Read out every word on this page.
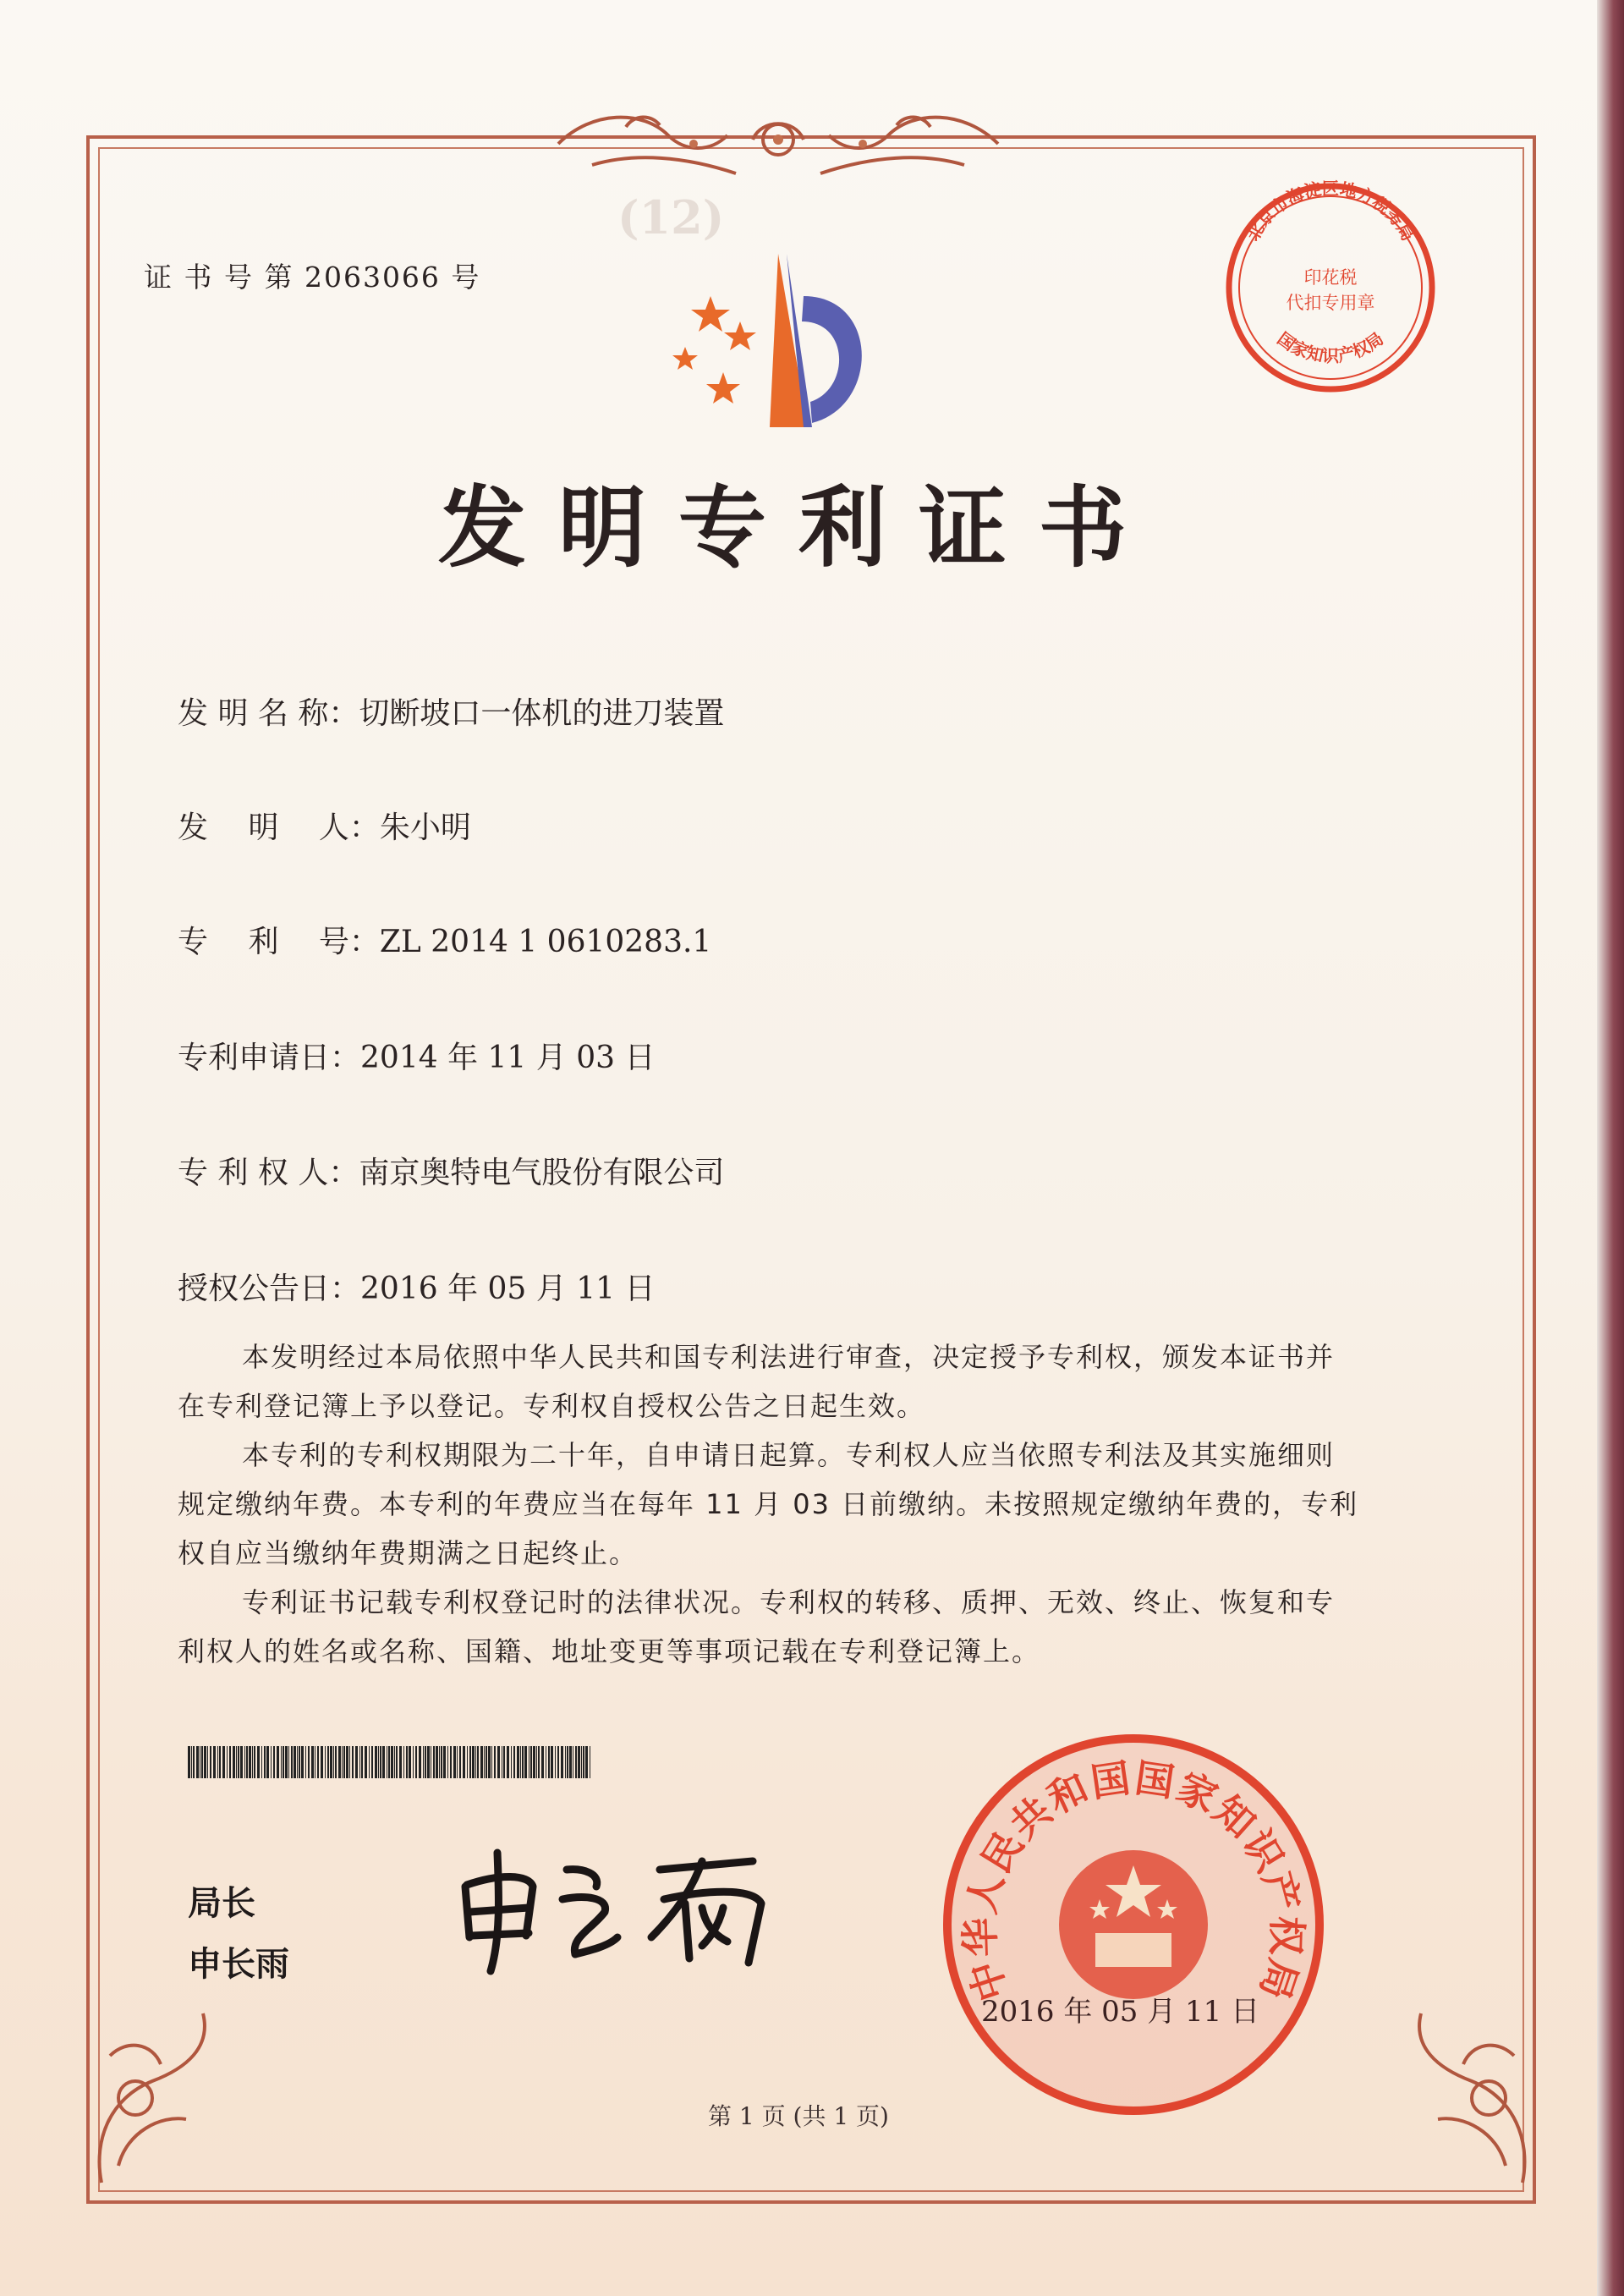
(12)
证 书 号 第 2063066 号
发明专利证书
发 明 名 称：切断坡口一体机的进刀装置
发　 明　 人：朱小明
专　 利　 号：ZL 2014 1 0610283.1
专利申请日：2014 年 11 月 03 日
专 利 权 人：南京奥特电气股份有限公司
授权公告日：2016 年 05 月 11 日

本发明经过本局依照中华人民共和国专利法进行审查，决定授予专利权，颁发本证书并在专利登记簿上予以登记。专利权自授权公告之日起生效。

本专利的专利权期限为二十年，自申请日起算。专利权人应当依照专利法及其实施细则规定缴纳年费。本专利的年费应当在每年 11 月 03 日前缴纳。未按照规定缴纳年费的，专利权自应当缴纳年费期满之日起终止。

专利证书记载专利权登记时的法律状况。专利权的转移、质押、无效、终止、恢复和专利权人的姓名或名称、国籍、地址变更等事项记载在专利登记簿上。

局长
申长雨	中华人民共和国国家知识产权局
2016 年 05 月 11 日
北京市海淀区地方税务局
印花税
代扣专用章
国家知识产权局
第 1 页 (共 1 页)
